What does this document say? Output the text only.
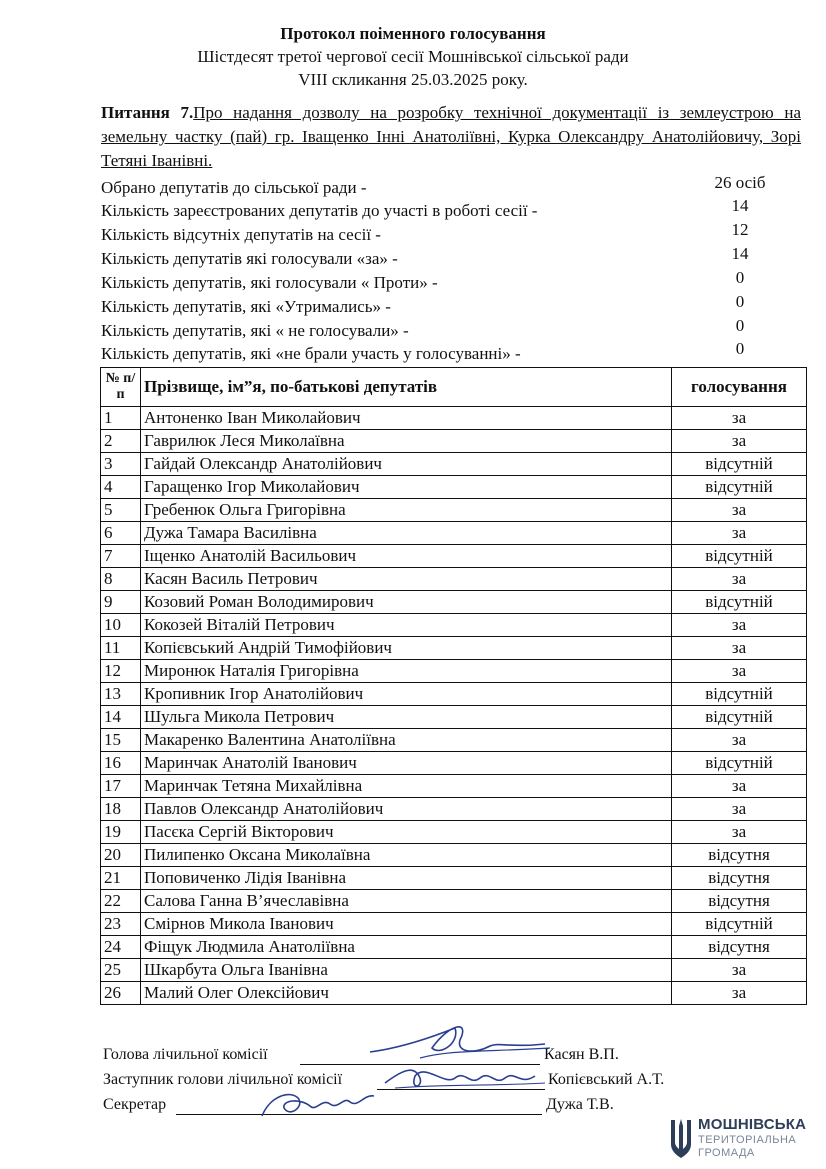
Протокол поіменного голосування
Шістдесят третої чергової сесії Мошнівської сільської ради
VIII скликання 25.03.2025 року.
Питання 7.Про надання дозволу на розробку технічної документації із землеустрою на земельну частку (пай) гр. Іващенко Інні Анатоліївні, Курка Олександру Анатолійовичу, Зорі Тетяні Іванівні.
Обрано депутатів до сільської ради -	26 осіб
Кількість зареєстрованих депутатів до участі в роботі сесії -	14
Кількість відсутніх депутатів на сесії -	12
Кількість депутатів які голосували «за» -	14
Кількість депутатів, які голосували « Проти» -	0
Кількість депутатів, які «Утримались» -	0
Кількість депутатів, які « не голосували» -	0
Кількість депутатів, які «не брали участь у голосуванні» -	0
№ п/п	Прізвище, ім”я, по-батькові депутатів	голосування
1	Антоненко Іван Миколайович	за
2	Гаврилюк Леся Миколаївна	за
3	Гайдай Олександр Анатолійович	відсутній
4	Гаращенко Ігор Миколайович	відсутній
5	Гребенюк Ольга Григорівна	за
6	Дужа Тамара Василівна	за
7	Іщенко Анатолій Васильович	відсутній
8	Касян Василь Петрович	за
9	Козовий Роман Володимирович	відсутній
10	Кокозей Віталій Петрович	за
11	Копієвський Андрій Тимофійович	за
12	Миронюк Наталія Григорівна	за
13	Кропивник Ігор Анатолійович	відсутній
14	Шульга Микола Петрович	відсутній
15	Макаренко Валентина Анатоліївна	за
16	Маринчак Анатолій Іванович	відсутній
17	Маринчак Тетяна Михайлівна	за
18	Павлов Олександр Анатолійович	за
19	Пасєка Сергій Вікторович	за
20	Пилипенко Оксана Миколаївна	відсутня
21	Поповиченко Лідія Іванівна	відсутня
22	Салова Ганна В’ячеславівна	відсутня
23	Смірнов Микола Іванович	відсутній
24	Фіщук Людмила Анатоліївна	відсутня
25	Шкарбута Ольга Іванівна	за
26	Малий Олег Олексійович	за
Голова лічильної комісії	Касян В.П.
Заступник голови лічильної комісії	Копієвський А.Т.
Секретар	Дужа Т.В.
МОШНІВСЬКА
ТЕРИТОРІАЛЬНА
ГРОМАДА
